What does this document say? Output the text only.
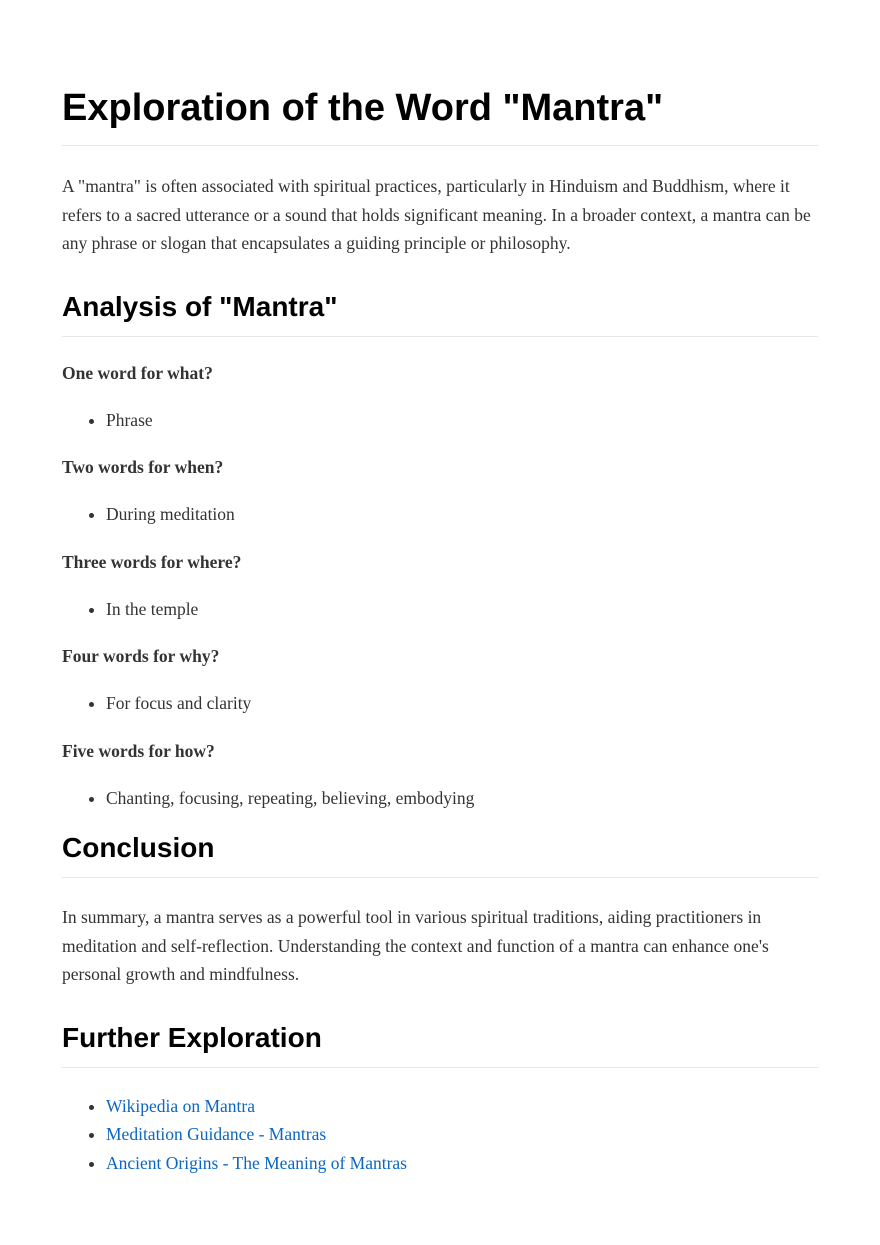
Exploration of the Word "Mantra"

A "mantra" is often associated with spiritual practices, particularly in Hinduism and Buddhism, where it refers to a sacred utterance or a sound that holds significant meaning. In a broader context, a mantra can be any phrase or slogan that encapsulates a guiding principle or philosophy.

Analysis of "Mantra"

One word for what?

• Phrase

Two words for when?

• During meditation

Three words for where?

• In the temple

Four words for why?

• For focus and clarity

Five words for how?

• Chanting, focusing, repeating, believing, embodying
Conclusion

In summary, a mantra serves as a powerful tool in various spiritual traditions, aiding practitioners in meditation and self-reflection. Understanding the context and function of a mantra can enhance one's personal growth and mindfulness.

Further Exploration
• Wikipedia on Mantra
• Meditation Guidance - Mantras
• Ancient Origins - The Meaning of Mantras
